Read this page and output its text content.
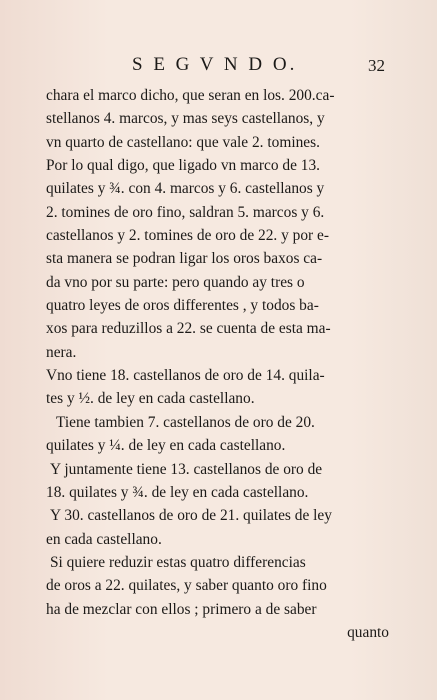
S E G V N D O.	32
chara el marco dicho, que seran en los. 200.ca-
stellanos 4. marcos, y mas seys castellanos, y
vn quarto de castellano: que vale 2. tomines.
Por lo qual digo, que ligado vn marco de 13.
quilates y ¾. con 4. marcos y 6. castellanos y
2. tomines de oro fino, saldran 5. marcos y 6.
castellanos y 2. tomines de oro de 22. y por e-
sta manera se podran ligar los oros baxos ca-
da vno por su parte: pero quando ay tres o
quatro leyes de oros differentes , y todos ba-
xos para reduzillos a 22. se cuenta de esta ma-
nera.
Vno tiene 18. castellanos de oro de 14. quila-
tes y ½. de ley en cada castellano.
Tiene tambien 7. castellanos de oro de 20.
quilates y ¼. de ley en cada castellano.
Y juntamente tiene 13. castellanos de oro de
18. quilates y ¾. de ley en cada castellano.
Y 30. castellanos de oro de 21. quilates de ley
en cada castellano.
Si quiere reduzir estas quatro differencias
de oros a 22. quilates, y saber quanto oro fino
ha de mezclar con ellos ; primero a de saber
quanto
